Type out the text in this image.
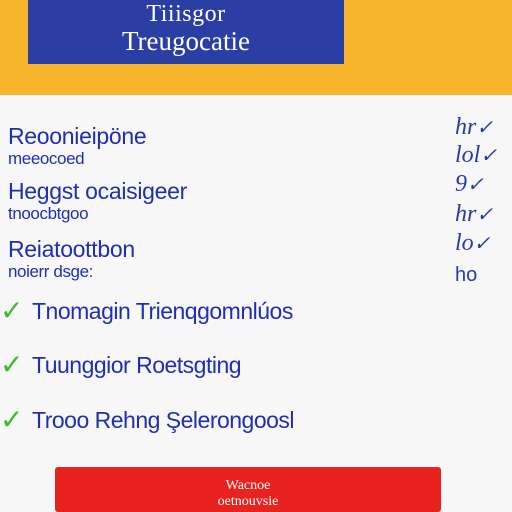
Tiiisgor
Treugocatie
Reoonieipöne
meeocoed
Heggst ocaisigeer
tnoocbtgoo
Reiatoottbon
noierr dsge:
hr✓
lol✓
9✓
hr✓
lo✓
ho
✓ Tnomagin Trienqgomnlúos
✓ Tuunggior Roetsgting
✓ Trooo Rehng Şelerongoosl
Wacnoe
oetnouvsie
